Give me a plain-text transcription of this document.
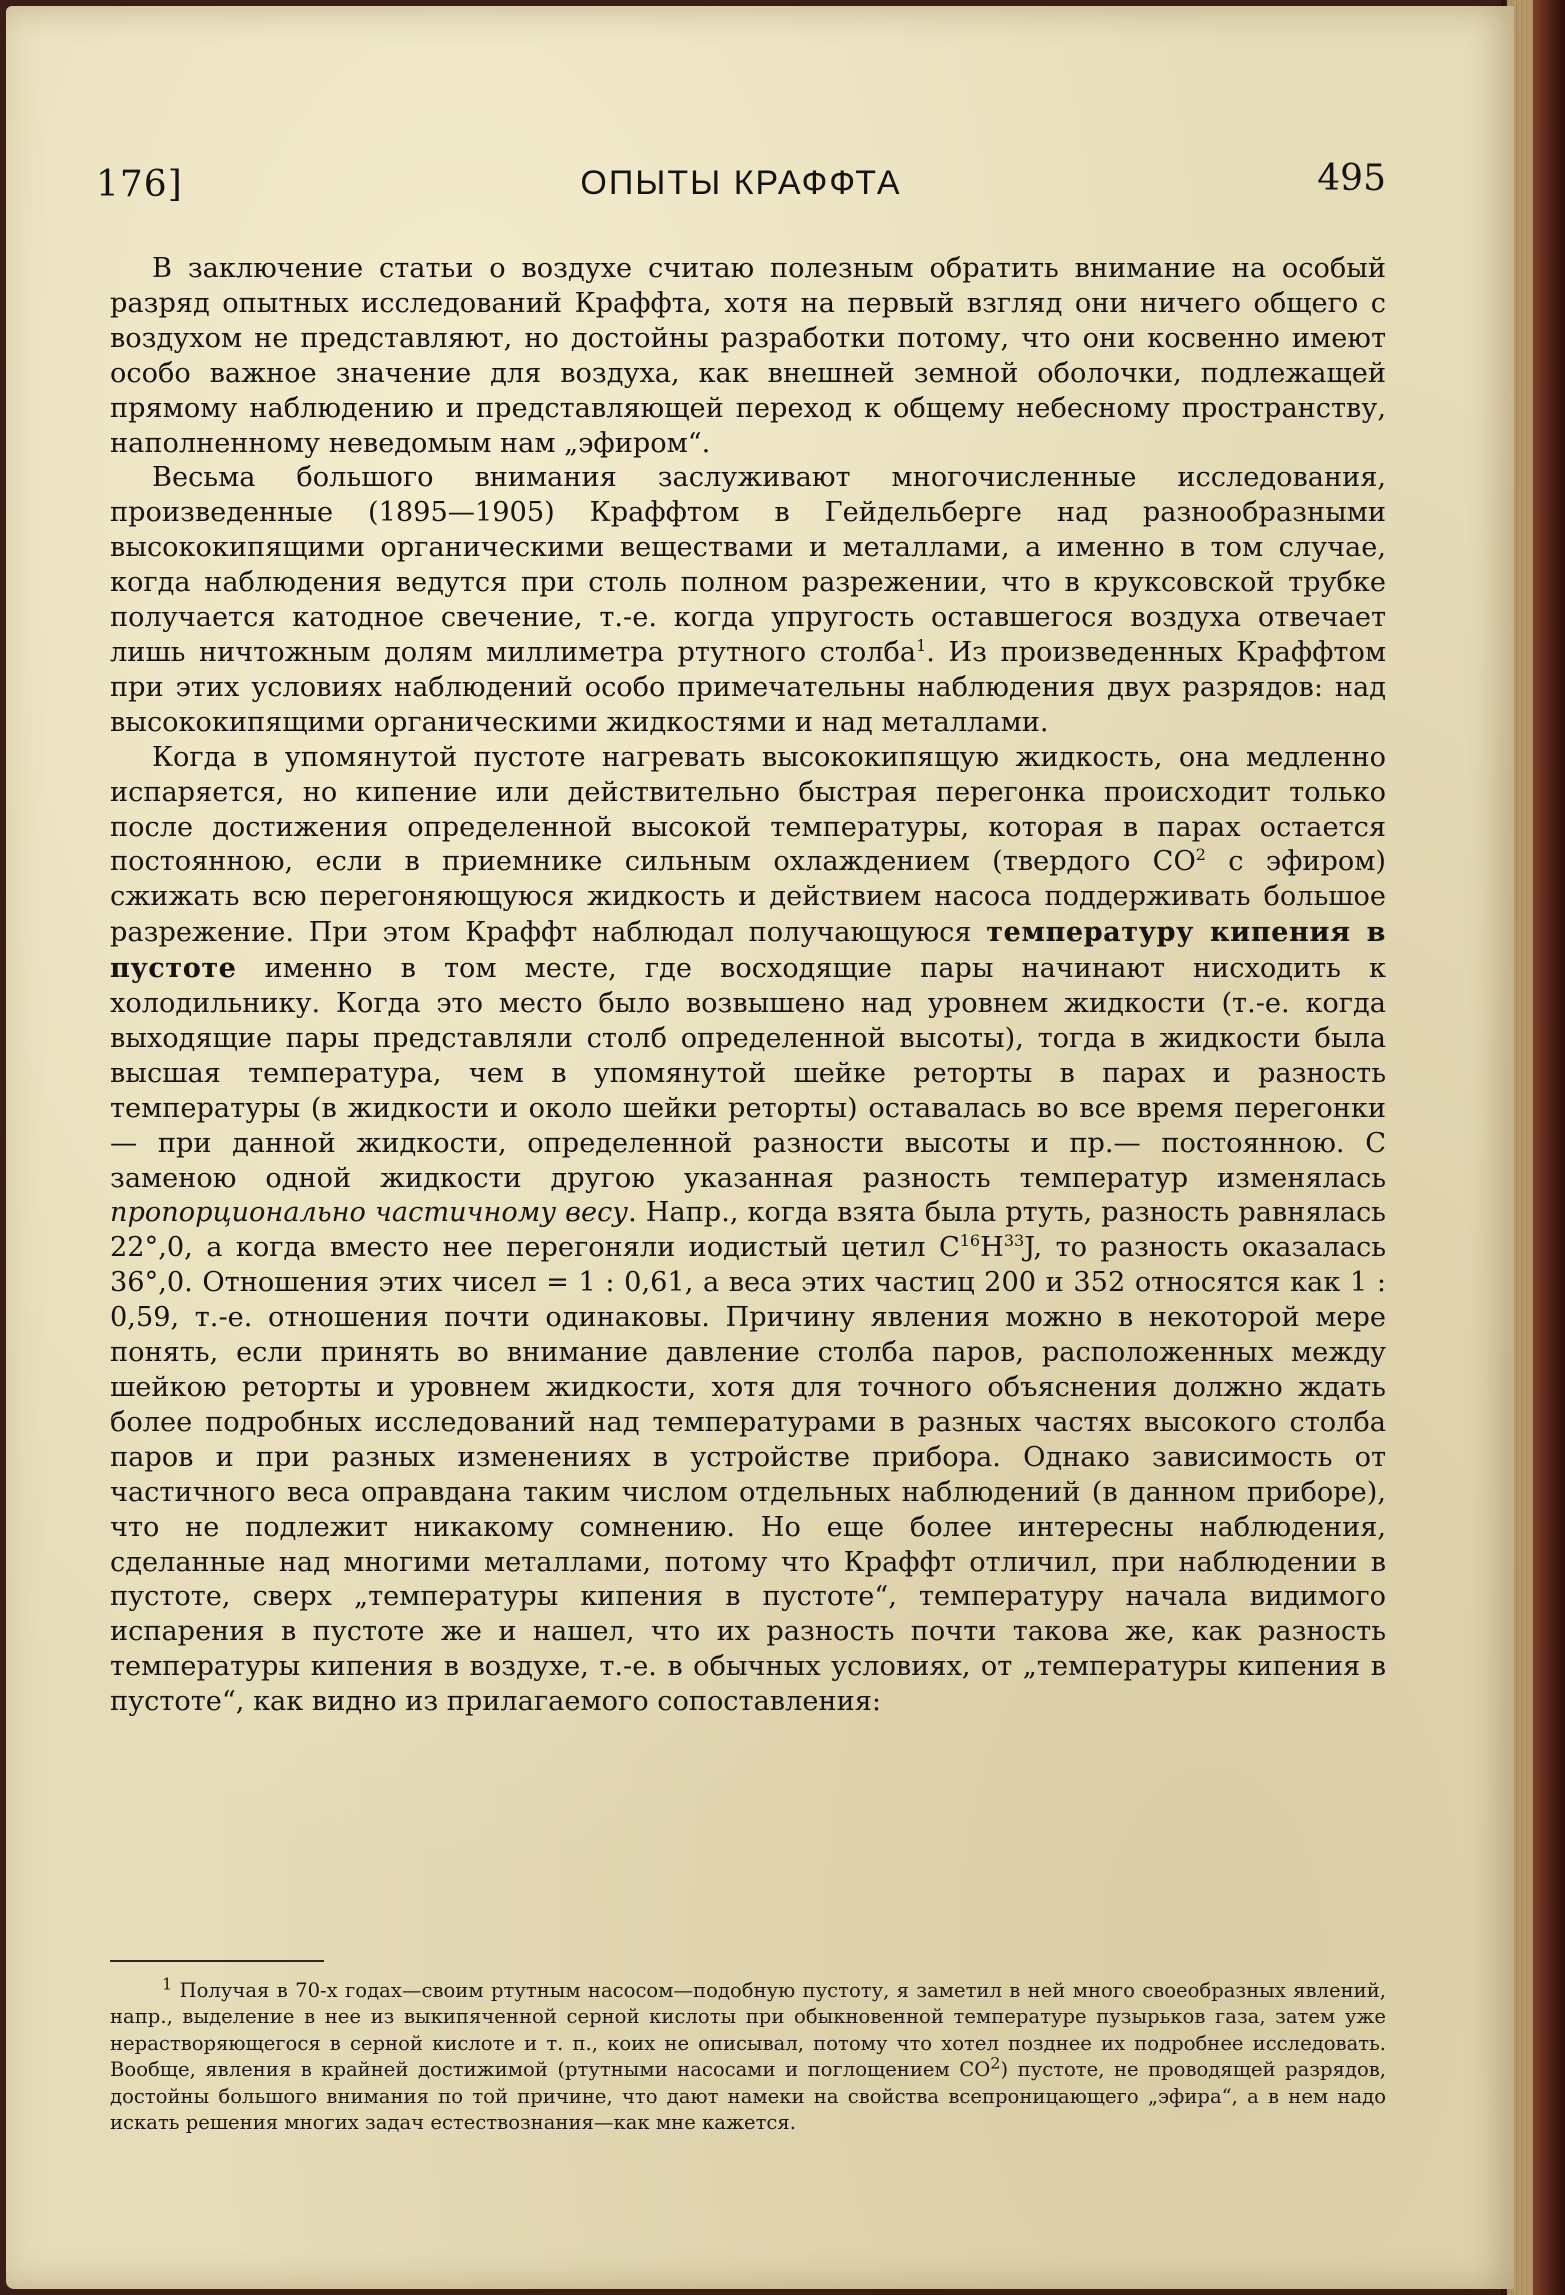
176]	ОПЫТЫ КРАФФТА	495

В заключение статьи о воздухе считаю полезным обратить внимание на особый разряд опытных исследований Краффта, хотя на первый взгляд они ничего общего с воздухом не представляют, но достойны разработки потому, что они косвенно имеют особо важное значение для воздуха, как внешней земной оболочки, подлежащей прямому наблюдению и представляющей переход к общему небесному пространству, наполненному неведомым нам „эфиром“.

Весьма большого внимания заслуживают многочисленные исследования, произведенные (1895—1905) Краффтом в Гейдельберге над разнообразными высококипящими органическими веществами и металлами, а именно в том случае, когда наблюдения ведутся при столь полном разрежении, что в круксовской трубке получается катодное свечение, т.-е. когда упругость оставшегося воздуха отвечает лишь ничтожным долям миллиметра ртутного столба$^1$. Из произведенных Краффтом при этих условиях наблюдений особо примечательны наблюдения двух разрядов: над высококипящими органическими жидкостями и над металлами.

Когда в упомянутой пустоте нагревать высококипящую жидкость, она медленно испаряется, но кипение или действительно быстрая перегонка происходит только после достижения определенной высокой температуры, которая в парах остается постоянною, если в приемнике сильным охлаждением (твердого $CO^2$ с эфиром) сжижать всю перегоняющуюся жидкость и действием насоса поддерживать большое разрежение. При этом Краффт наблюдал получающуюся температуру кипения в пустоте именно в том месте, где восходящие пары начинают нисходить к холодильнику. Когда это место было возвышено над уровнем жидкости (т.-е. когда выходящие пары представляли столб определенной высоты), тогда в жидкости была высшая температура, чем в упомянутой шейке реторты в парах и разность температуры (в жидкости и около шейки реторты) оставалась во все время перегонки — при данной жидкости, определенной разности высоты и пр.— постоянною. С заменою одной жидкости другою указанная разность температур изменялась пропорционально частичному весу. Напр., когда взята была ртуть, разность равнялась 22°,0, а когда вместо нее перегоняли иодистый цетил $C^{16}H^{33}J$, то разность оказалась 36°,0. Отношения этих чисел = 1 : 0,61, а веса этих частиц 200 и 352 относятся как 1 : 0,59, т.-е. отношения почти одинаковы. Причину явления можно в некоторой мере понять, если принять во внимание давление столба паров, расположенных между шейкою реторты и уровнем жидкости, хотя для точного объяснения должно ждать более подробных исследований над температурами в разных частях высокого столба паров и при разных изменениях в устройстве прибора. Однако зависимость от частичного веса оправдана таким числом отдельных наблюдений (в данном приборе), что не подлежит никакому сомнению. Но еще более интересны наблюдения, сделанные над многими металлами, потому что Краффт отличил, при наблюдении в пустоте, сверх „температуры кипения в пустоте“, температуру начала видимого испарения в пустоте же и нашел, что их разность почти такова же, как разность температуры кипения в воздухе, т.-е. в обычных условиях, от „температуры кипения в пустоте“, как видно из прилагаемого сопоставления:

$^1$ Получая в 70-х годах—своим ртутным насосом—подобную пустоту, я заметил в ней много своеобразных явлений, напр., выделение в нее из выкипяченной серной кислоты при обыкновенной температуре пузырьков газа, затем уже нерастворяющегося в серной кислоте и т. п., коих не описывал, потому что хотел позднее их подробнее исследовать. Вообще, явления в крайней достижимой (ртутными насосами и поглощением $CO^2$) пустоте, не проводящей разрядов, достойны большого внимания по той причине, что дают намеки на свойства всепроницающего „эфира“, а в нем надо искать решения многих задач естествознания—как мне кажется.
